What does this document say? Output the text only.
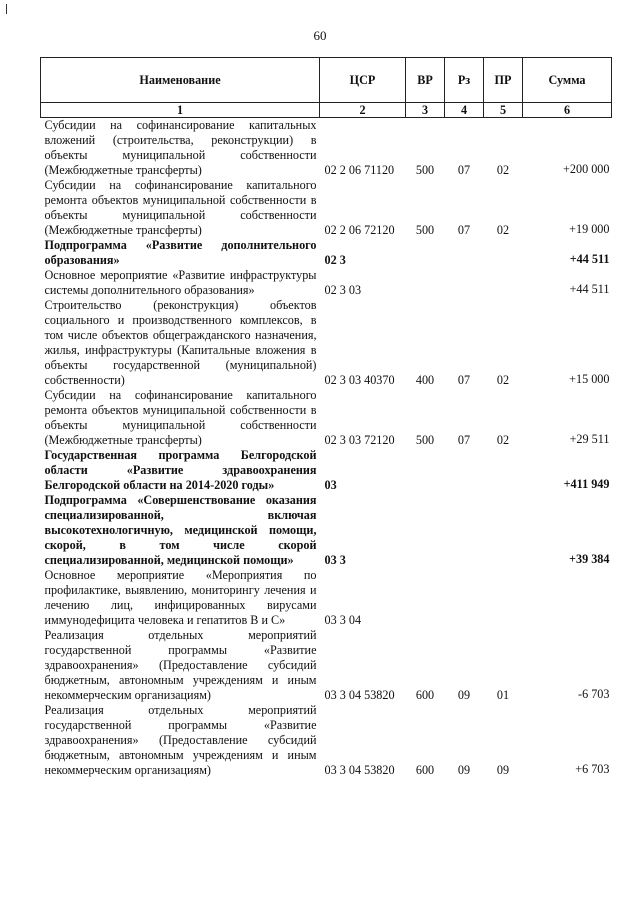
60
Наименование	ЦСР	ВР	Рз	ПР	Сумма
1	2	3	4	5	6
Субсидии на софинансирование капитальных вложений (строительства, реконструкции) в объекты муниципальной собственности (Межбюджетные трансферты)	02 2 06 71120	500	07	02	+200 000
Субсидии на софинансирование капитального ремонта объектов муниципальной собственности в объекты муниципальной собственности (Межбюджетные трансферты)	02 2 06 72120	500	07	02	+19 000
Подпрограмма «Развитие дополнительного образования»	02 3				+44 511
Основное мероприятие «Развитие инфраструктуры системы дополнительного образования»	02 3 03				+44 511
Строительство (реконструкция) объектов социального и производственного комплексов, в том числе объектов общегражданского назначения, жилья, инфраструктуры (Капитальные вложения в объекты государственной (муниципальной) собственности)	02 3 03 40370	400	07	02	+15 000
Субсидии на софинансирование капитального ремонта объектов муниципальной собственности в объекты муниципальной собственности (Межбюджетные трансферты)	02 3 03 72120	500	07	02	+29 511
Государственная программа Белгородской области «Развитие здравоохранения Белгородской области на 2014-2020 годы»	03				+411 949
Подпрограмма «Совершенствование оказания специализированной, включая высокотехнологичную, медицинской помощи, скорой, в том числе скорой специализированной, медицинской помощи»	03 3				+39 384
Основное мероприятие «Мероприятия по профилактике, выявлению, мониторингу лечения и лечению лиц, инфицированных вирусами иммунодефицита человека и гепатитов В и С»	03 3 04				
Реализация отдельных мероприятий государственной программы «Развитие здравоохранения» (Предоставление субсидий бюджетным, автономным учреждениям и иным некоммерческим организациям)	03 3 04 53820	600	09	01	-6 703
Реализация отдельных мероприятий государственной программы «Развитие здравоохранения» (Предоставление субсидий бюджетным, автономным учреждениям и иным некоммерческим организациям)	03 3 04 53820	600	09	09	+6 703
